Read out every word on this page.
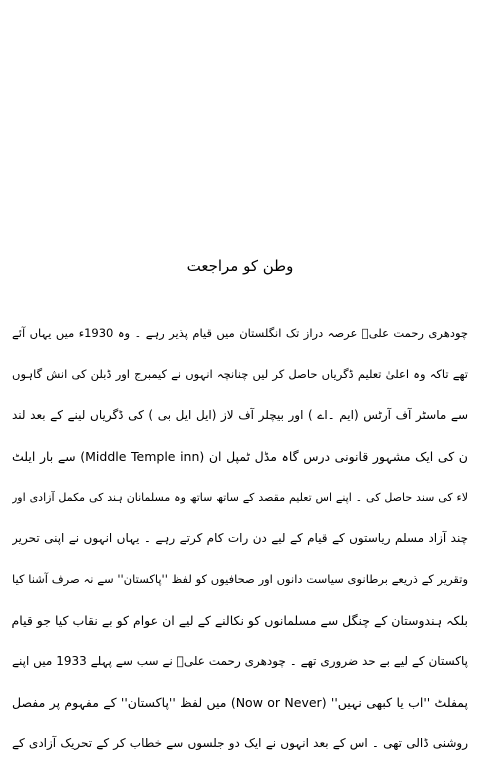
وطن کو مراجعت
چودھری رحمت علیؒ عرصہ دراز تک انگلستان میں قیام پذیر رہے ۔ وہ 1930ء میں یہاں آئے
تھے تاکہ وہ اعلیٰ تعلیم ڈگریاں حاصل کر لیں چنانچہ انہوں نے کیمبرج اور ڈبلن کی انش گاہوں
سے ماسٹر آف آرٹس (ایم ۔اے ) اور بیچلر آف لاز (ایل ایل بی ) کی ڈگریاں لینے کے بعد لند
ن کی ایک مشہور قانونی درس گاہ مڈل ٹمپل ان (Middle Temple inn) سے بار ایلٹ
لاء کی سند حاصل کی ۔ اپنے اس تعلیم مقصد کے ساتھ ساتھ وہ مسلمانان ہند کی مکمل آزادی اور
چند آزاد مسلم ریاستوں کے قیام کے لیے دن رات کام کرتے رہے ۔ یہاں انہوں نے اپنی تحریر
وتقریر کے ذریعے برطانوی سیاست دانوں اور صحافیوں کو لفظ ''پاکستان'' سے نہ صرف آشنا کیا
بلکہ ہندوستان کے چنگل سے مسلمانوں کو نکالنے کے لیے ان عوام کو بے نقاب کیا جو قیام
پاکستان کے لیے بے حد ضروری تھے ۔ چودھری رحمت علیؒ نے سب سے پہلے 1933 میں اپنے
پمفلٹ ''اب یا کبھی نہیں'' (Now or Never) میں لفظ ''پاکستان'' کے مفہوم پر مفصل
روشنی ڈالی تھی ۔ اس کے بعد انہوں نے ایک دو جلسوں سے خطاب کر کے تحریک آزادی کے
